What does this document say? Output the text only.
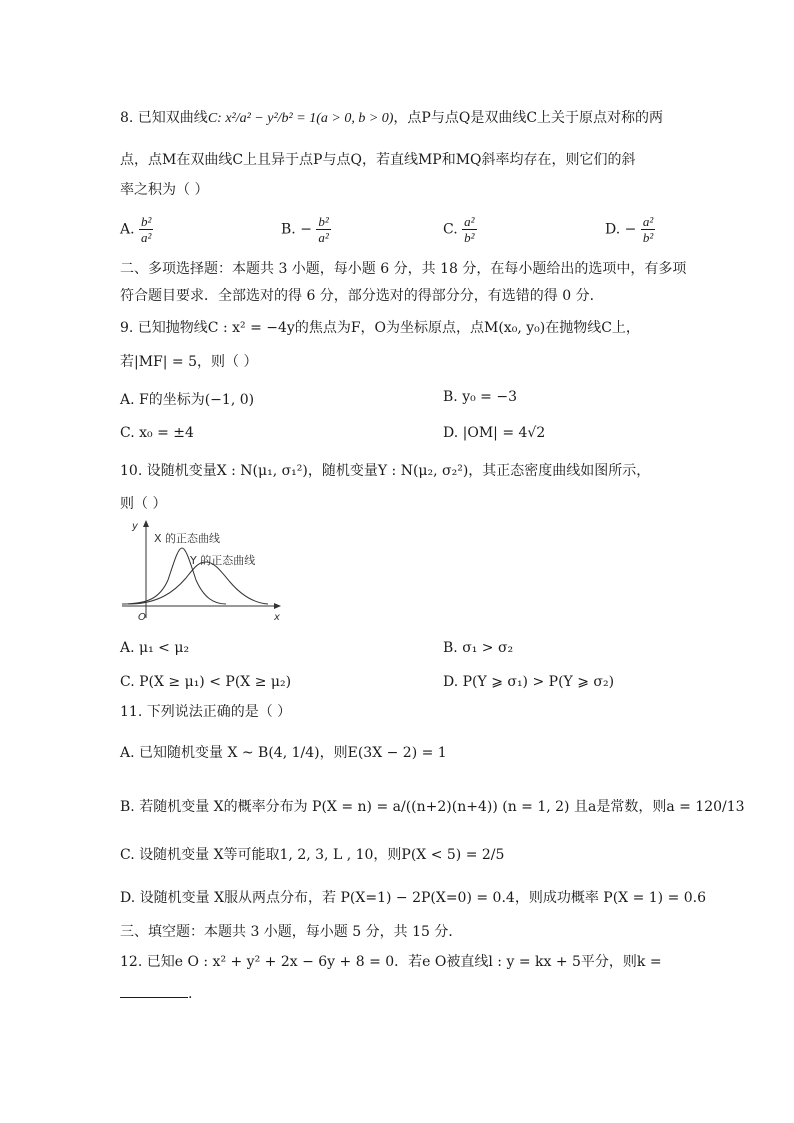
8. 已知双曲线C: x²/a² − y²/b² = 1(a > 0, b > 0)，点P与点Q是双曲线C上关于原点对称的两
点，点M在双曲线C上且异于点P与点Q，若直线MP和MQ斜率均存在，则它们的斜
率之积为（ ）
A. $\frac{\text{b²}}{\text{a²}}$	B. − $\frac{\text{b²}}{\text{a²}}$	C. $\frac{\text{a²}}{\text{b²}}$	D. − $\frac{\text{a²}}{\text{b²}}$
二、多项选择题：本题共 3 小题，每小题 6 分，共 18 分，在每小题给出的选项中，有多项
符合题目要求．全部选对的得 6 分，部分选对的得部分分，有选错的得 0 分．
9. 已知抛物线C : x² = −4y的焦点为F，O为坐标原点，点M(x₀, y₀)在抛物线C上，
若|MF| = 5，则（ ）
A. F的坐标为(−1, 0)	B. y₀ = −3
C. x₀ = ±4	D. |OM| = 4√2
10. 设随机变量X : N(μ₁, σ₁²)，随机变量Y : N(μ₂, σ₂²)，其正态密度曲线如图所示，
则（ ）
X 的正态曲线
Y 的正态曲线
y
x
O
A. μ₁ < μ₂	B. σ₁ > σ₂
C. P(X ≥ μ₁) < P(X ≥ μ₂)	D. P(Y ⩾ σ₁) > P(Y ⩾ σ₂)
11. 下列说法正确的是（ ）
A. 已知随机变量 X ~ B(4, 1/4)，则E(3X − 2) = 1
B. 若随机变量 X的概率分布为 P(X = n) = a/((n+2)(n+4)) (n = 1, 2) 且a是常数，则a = 120/13
C. 设随机变量 X等可能取1, 2, 3, L , 10，则P(X < 5) = 2/5
D. 设随机变量 X服从两点分布，若 P(X=1) − 2P(X=0) = 0.4，则成功概率 P(X = 1) = 0.6
三、填空题：本题共 3 小题，每小题 5 分，共 15 分．
12. 已知e O : x² + y² + 2x − 6y + 8 = 0．若e O被直线l : y = kx + 5平分，则k =
.
